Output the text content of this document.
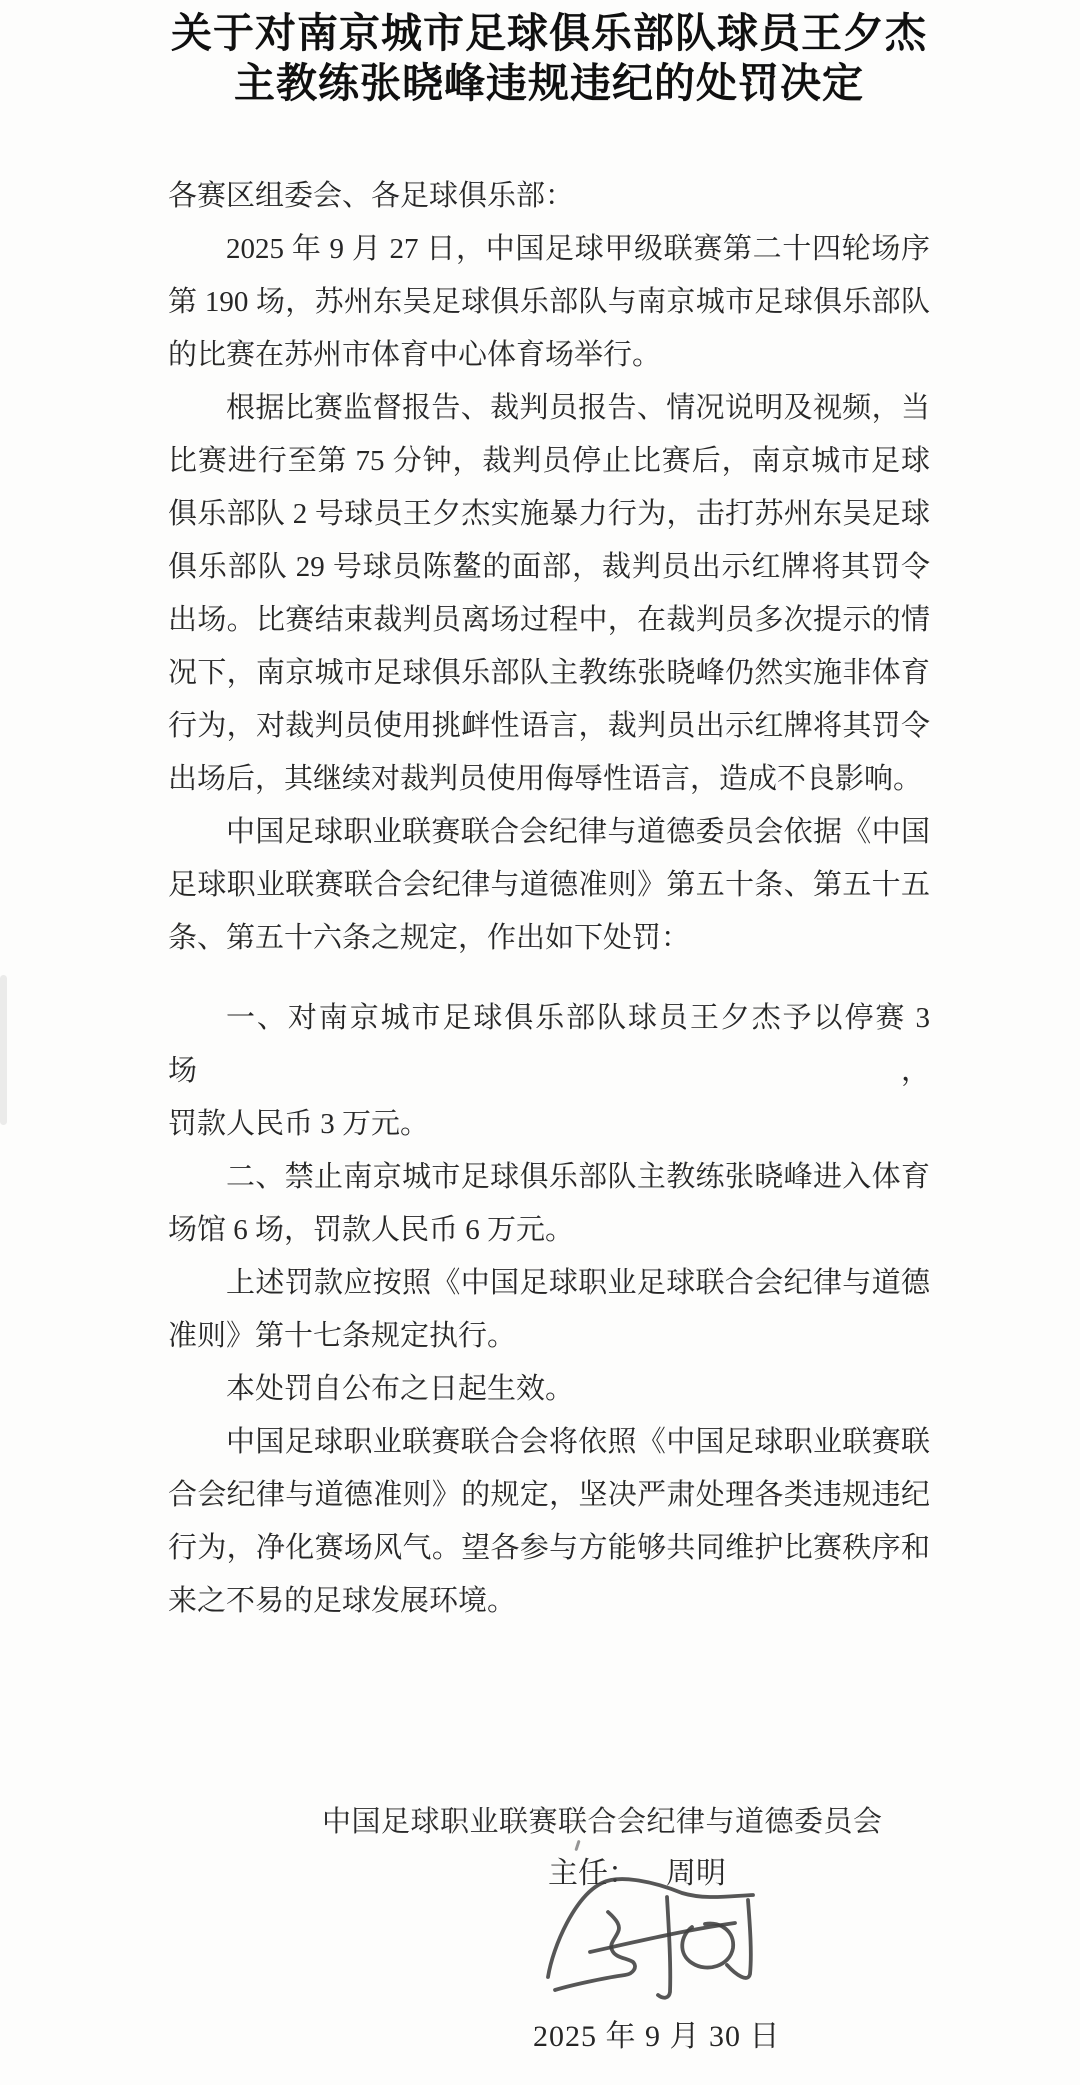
关于对南京城市足球俱乐部队球员王夕杰
主教练张晓峰违规违纪的处罚决定
各赛区组委会、各足球俱乐部：
2025 年 9 月 27 日，中国足球甲级联赛第二十四轮场序
第 190 场，苏州东吴足球俱乐部队与南京城市足球俱乐部队
的比赛在苏州市体育中心体育场举行。
根据比赛监督报告、裁判员报告、情况说明及视频，当
比赛进行至第 75 分钟，裁判员停止比赛后，南京城市足球
俱乐部队 2 号球员王夕杰实施暴力行为，击打苏州东吴足球
俱乐部队 29 号球员陈鳌的面部，裁判员出示红牌将其罚令
出场。比赛结束裁判员离场过程中，在裁判员多次提示的情
况下，南京城市足球俱乐部队主教练张晓峰仍然实施非体育
行为，对裁判员使用挑衅性语言，裁判员出示红牌将其罚令
出场后，其继续对裁判员使用侮辱性语言，造成不良影响。
中国足球职业联赛联合会纪律与道德委员会依据《中国
足球职业联赛联合会纪律与道德准则》第五十条、第五十五
条、第五十六条之规定，作出如下处罚：
一、对南京城市足球俱乐部队球员王夕杰予以停赛 3 场，
罚款人民币 3 万元。
二、禁止南京城市足球俱乐部队主教练张晓峰进入体育
场馆 6 场，罚款人民币 6 万元。
上述罚款应按照《中国足球职业足球联合会纪律与道德
准则》第十七条规定执行。
本处罚自公布之日起生效。
中国足球职业联赛联合会将依照《中国足球职业联赛联
合会纪律与道德准则》的规定，坚决严肃处理各类违规违纪
行为，净化赛场风气。望各参与方能够共同维护比赛秩序和
来之不易的足球发展环境。
中国足球职业联赛联合会纪律与道德委员会
主任： 周明
2025 年 9 月 30 日
